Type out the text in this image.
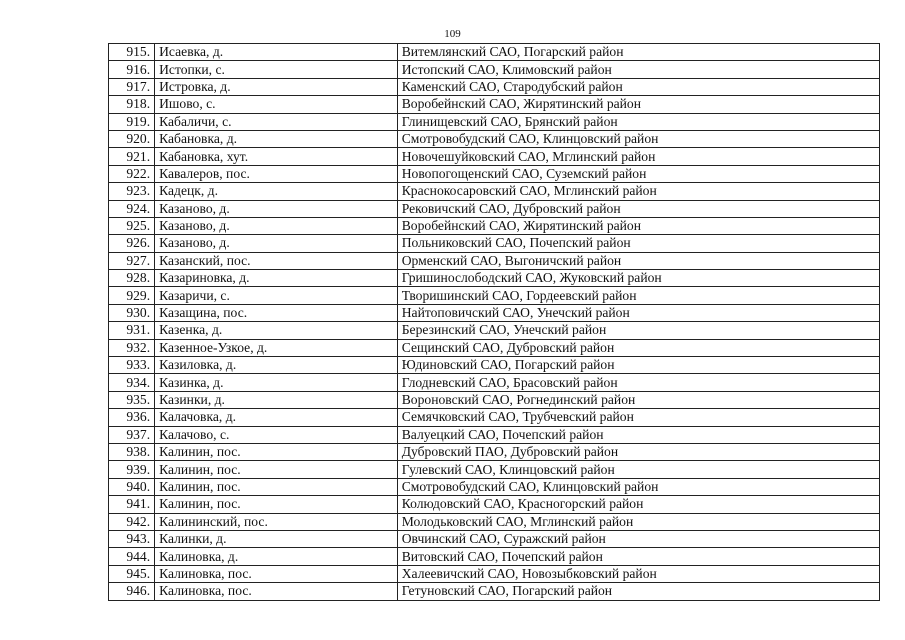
109
915.	Исаевка, д.	Витемлянский САО, Погарский район
916.	Истопки, с.	Истопский САО, Климовский район
917.	Истровка, д.	Каменский САО, Стародубский район
918.	Ишово, с.	Воробейнский САО, Жирятинский район
919.	Кабаличи, с.	Глинищевский САО, Брянский район
920.	Кабановка, д.	Смотровобудский САО, Клинцовский район
921.	Кабановка, хут.	Новочешуйковский САО, Мглинский район
922.	Кавалеров, пос.	Новопогощенский САО, Суземский район
923.	Кадецк, д.	Краснокосаровский САО, Мглинский район
924.	Казаново, д.	Рековичский САО, Дубровский район
925.	Казаново, д.	Воробейнский САО, Жирятинский район
926.	Казаново, д.	Польниковский САО, Почепский район
927.	Казанский, пос.	Орменский САО, Выгоничский район
928.	Казариновка, д.	Гришинослободский САО, Жуковский район
929.	Казаричи, с.	Творишинский САО, Гордеевский район
930.	Казащина, пос.	Найтоповичский САО, Унечский район
931.	Казенка, д.	Березинский САО, Унечский район
932.	Казенное-Узкое, д.	Сещинский САО, Дубровский район
933.	Казиловка, д.	Юдиновский САО, Погарский район
934.	Казинка, д.	Глодневский САО, Брасовский район
935.	Казинки, д.	Вороновский САО, Рогнединский район
936.	Калачовка, д.	Семячковский САО, Трубчевский район
937.	Калачово, с.	Валуецкий САО, Почепский район
938.	Калинин, пос.	Дубровский ПАО, Дубровский район
939.	Калинин, пос.	Гулевский САО, Клинцовский район
940.	Калинин, пос.	Смотровобудский САО, Клинцовский район
941.	Калинин, пос.	Колюдовский САО, Красногорский район
942.	Калининский, пос.	Молодьковский САО, Мглинский район
943.	Калинки, д.	Овчинский САО, Суражский район
944.	Калиновка, д.	Витовский САО, Почепский район
945.	Калиновка, пос.	Халеевичский САО, Новозыбковский район
946.	Калиновка, пос.	Гетуновский САО, Погарский район
